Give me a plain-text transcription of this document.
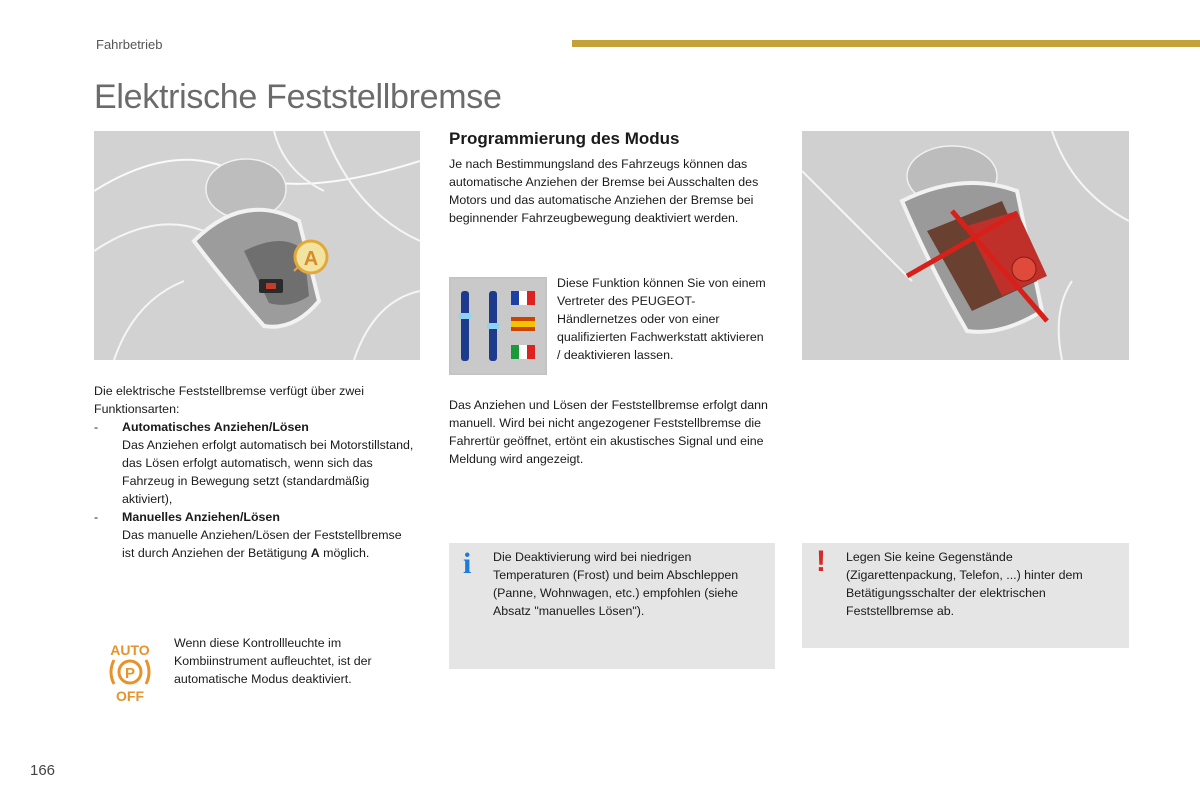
Fahrbetrieb
Elektrische Feststellbremse
A
Die elektrische Feststellbremse verfügt über zwei Funktionsarten:
- Automatisches Anziehen/Lösen
Das Anziehen erfolgt automatisch bei Motorstillstand, das Lösen erfolgt automatisch, wenn sich das Fahrzeug in Bewegung setzt (standardmäßig aktiviert),
- Manuelles Anziehen/Lösen
Das manuelle Anziehen/Lösen der Feststellbremse ist durch Anziehen der Betätigung A möglich.
AUTO
P
OFF
Wenn diese Kontrollleuchte im Kombiinstrument aufleuchtet, ist der automatische Modus deaktiviert.
Programmierung des Modus
Je nach Bestimmungsland des Fahrzeugs können das automatische Anziehen der Bremse bei Ausschalten des Motors und das automatische Anziehen der Bremse bei beginnender Fahrzeugbewegung deaktiviert werden.
Diese Funktion können Sie von einem Vertreter des PEUGEOT-Händlernetzes oder von einer qualifizierten Fachwerkstatt aktivieren / deaktivieren lassen.
Das Anziehen und Lösen der Feststellbremse erfolgt dann manuell. Wird bei nicht angezogener Feststellbremse die Fahrertür geöffnet, ertönt ein akustisches Signal und eine Meldung wird angezeigt.
i Die Deaktivierung wird bei niedrigen Temperaturen (Frost) und beim Abschleppen (Panne, Wohnwagen, etc.) empfohlen (siehe Absatz "manuelles Lösen").
! Legen Sie keine Gegenstände (Zigarettenpackung, Telefon, ...) hinter dem Betätigungsschalter der elektrischen Feststellbremse ab.
166
